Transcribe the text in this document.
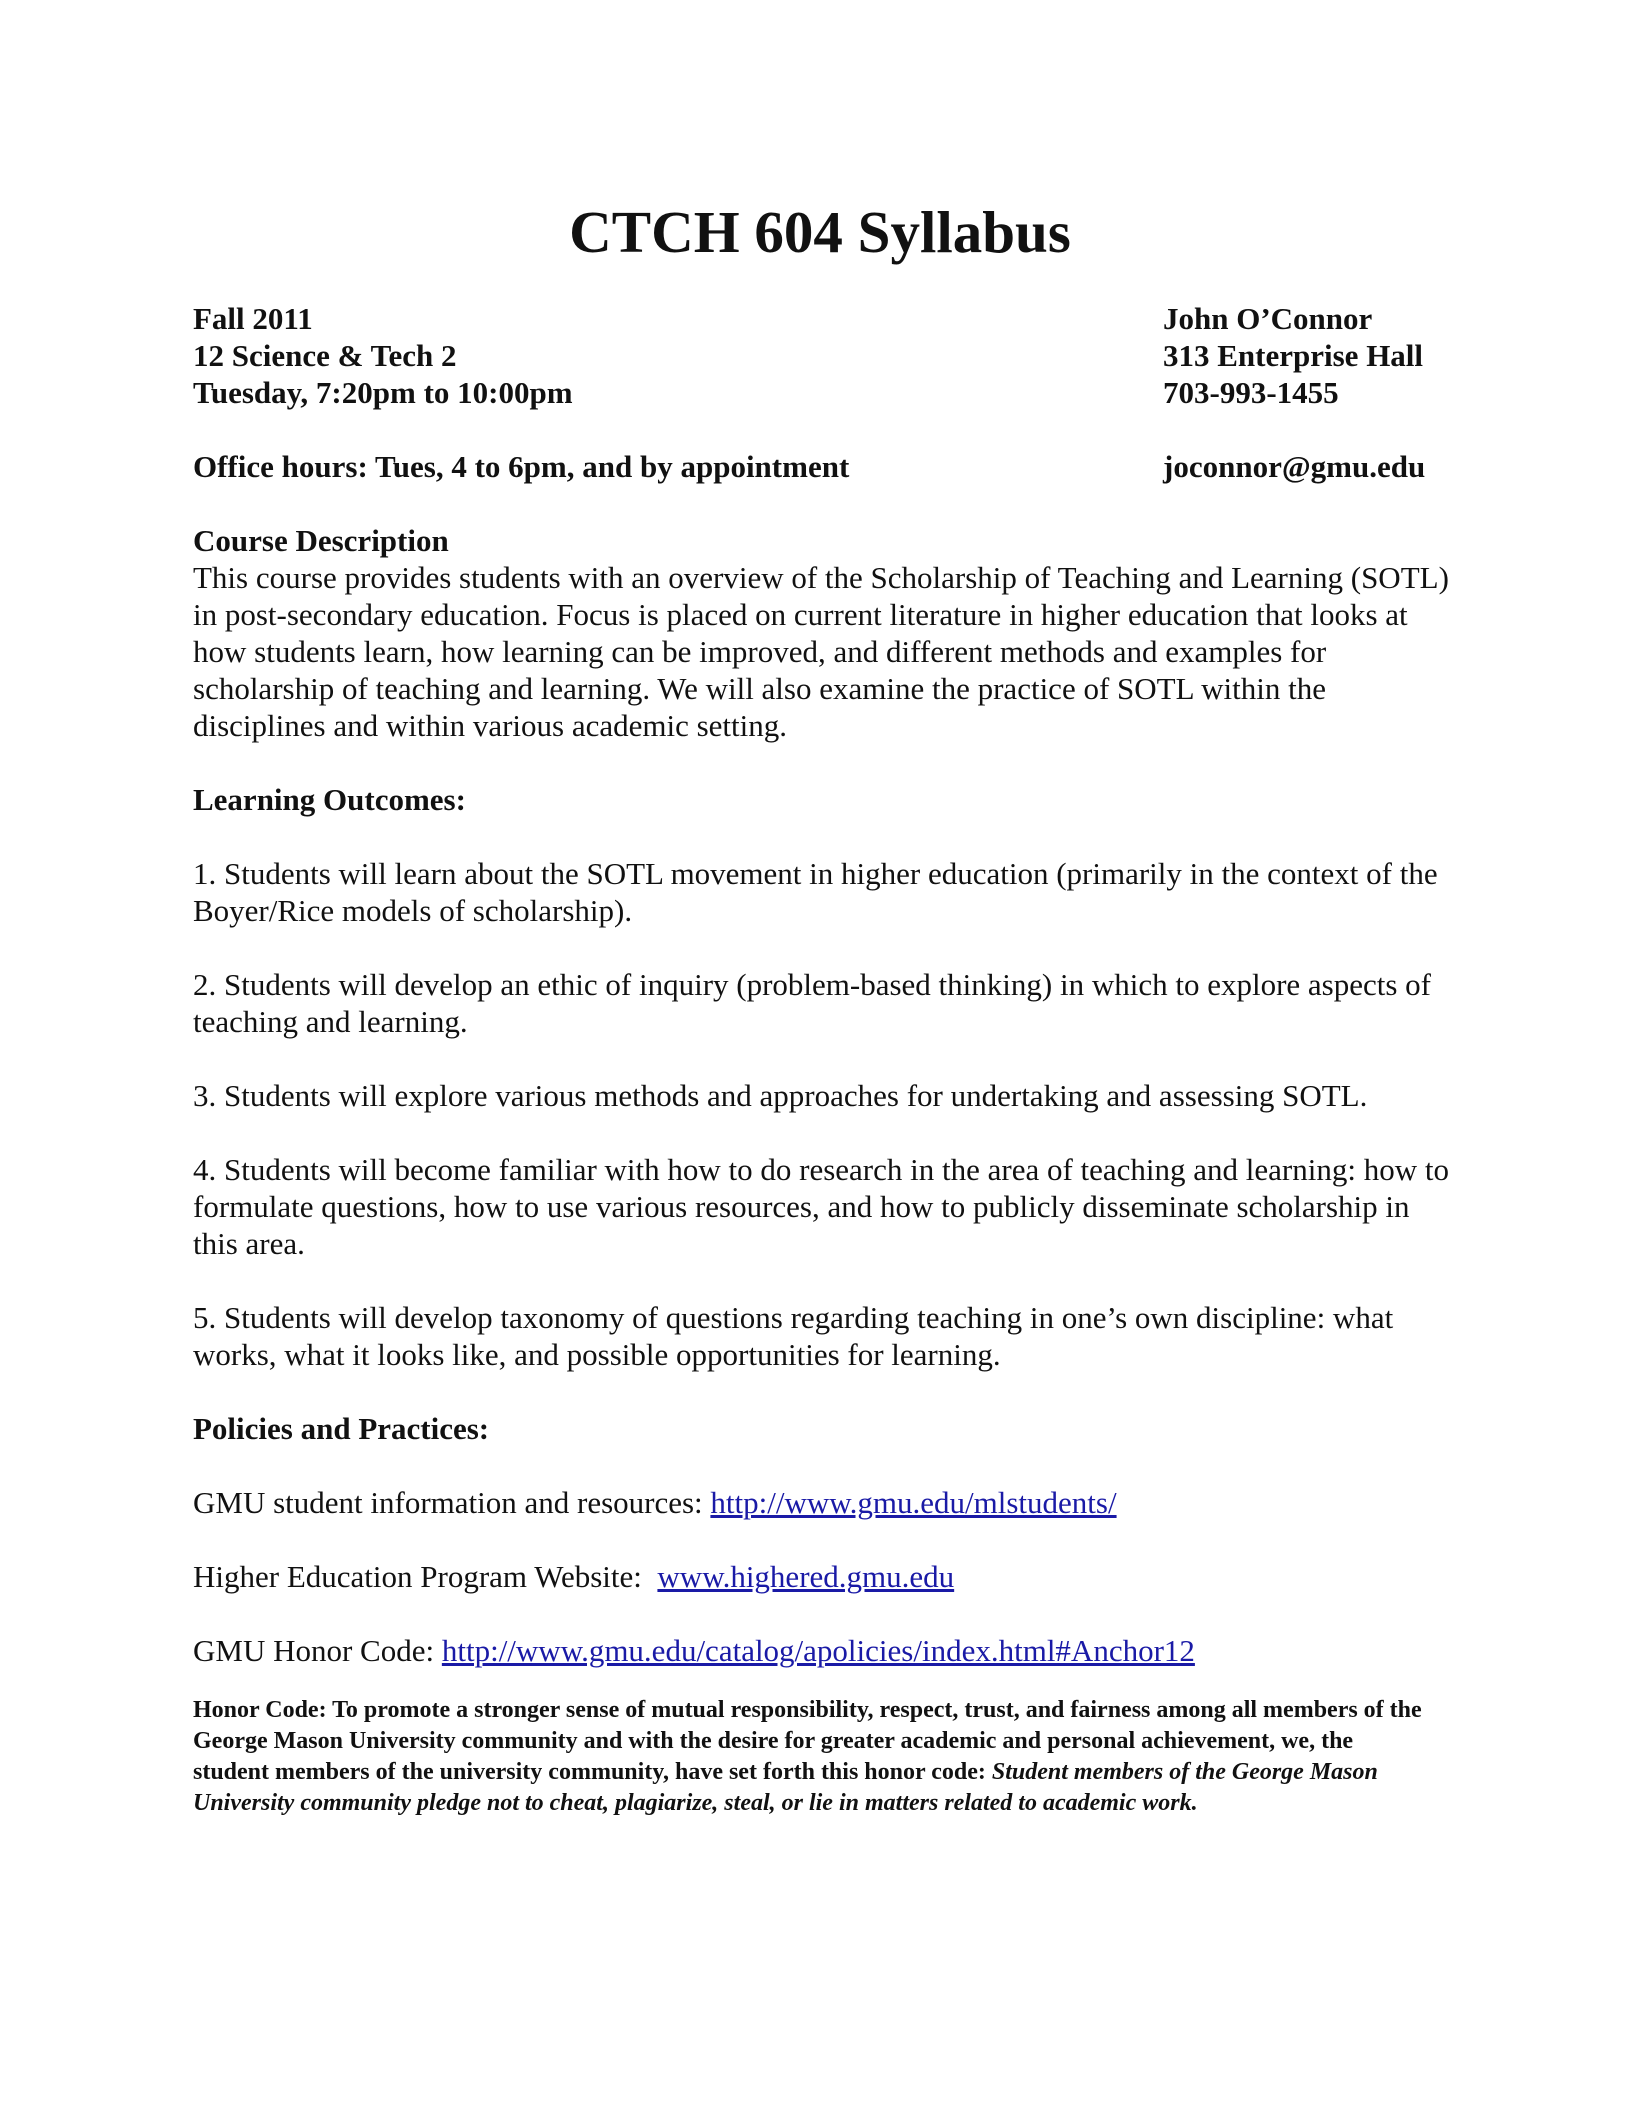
CTCH 604 Syllabus
Fall 2011
12 Science & Tech 2
Tuesday, 7:20pm to 10:00pm
John O’Connor
313 Enterprise Hall
703-993-1455
Office hours: Tues, 4 to 6pm, and by appointment	joconnor@gmu.edu

Course Description

This course provides students with an overview of the Scholarship of Teaching and Learning (SOTL) in post-secondary education. Focus is placed on current literature in higher education that looks at how students learn, how learning can be improved, and different methods and examples for scholarship of teaching and learning. We will also examine the practice of SOTL within the disciplines and within various academic setting.

Learning Outcomes:

1. Students will learn about the SOTL movement in higher education (primarily in the context of the Boyer/Rice models of scholarship).

2. Students will develop an ethic of inquiry (problem-based thinking) in which to explore aspects of teaching and learning.

3. Students will explore various methods and approaches for undertaking and assessing SOTL.

4. Students will become familiar with how to do research in the area of teaching and learning: how to formulate questions, how to use various resources, and how to publicly disseminate scholarship in this area.

5. Students will develop taxonomy of questions regarding teaching in one’s own discipline: what works, what it looks like, and possible opportunities for learning.

Policies and Practices:

GMU student information and resources: http://www.gmu.edu/mlstudents/

Higher Education Program Website:  www.highered.gmu.edu

GMU Honor Code: http://www.gmu.edu/catalog/apolicies/index.html#Anchor12

Honor Code: To promote a stronger sense of mutual responsibility, respect, trust, and fairness among all members of the George Mason University community and with the desire for greater academic and personal achievement, we, the student members of the university community, have set forth this honor code: Student members of the George Mason University community pledge not to cheat, plagiarize, steal, or lie in matters related to academic work.
